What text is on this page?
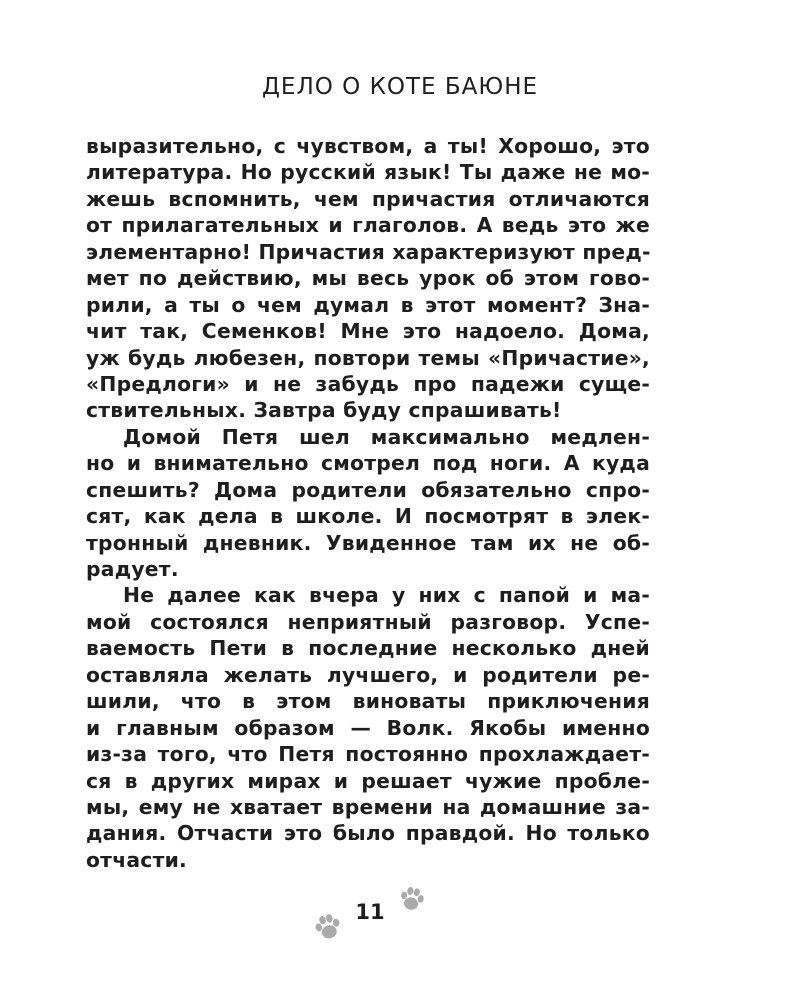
ДЕЛО О КОТЕ БАЮНЕ
выразительно, с чувством, а ты! Хорошо, это
литература. Но русский язык! Ты даже не мо-
жешь вспомнить, чем причастия отличаются
от прилагательных и глаголов. А ведь это же
элементарно! Причастия характеризуют пред-
мет по действию, мы весь урок об этом гово-
рили, а ты о чем думал в этот момент? Зна-
чит так, Семенков! Мне это надоело. Дома,
уж будь любезен, повтори темы «Причастие»,
«Предлоги» и не забудь про падежи суще-
ствительных. Завтра буду спрашивать!
Домой Петя шел максимально медлен-
но и внимательно смотрел под ноги. А куда
спешить? Дома родители обязательно спро-
сят, как дела в школе. И посмотрят в элек-
тронный дневник. Увиденное там их не об-
радует.
Не далее как вчера у них с папой и ма-
мой состоялся неприятный разговор. Успе-
ваемость Пети в последние несколько дней
оставляла желать лучшего, и родители ре-
шили, что в этом виноваты приключения
и главным образом — Волк. Якобы именно
из-за того, что Петя постоянно прохлаждает-
ся в других мирах и решает чужие пробле-
мы, ему не хватает времени на домашние за-
дания. Отчасти это было правдой. Но только
отчасти.
11
